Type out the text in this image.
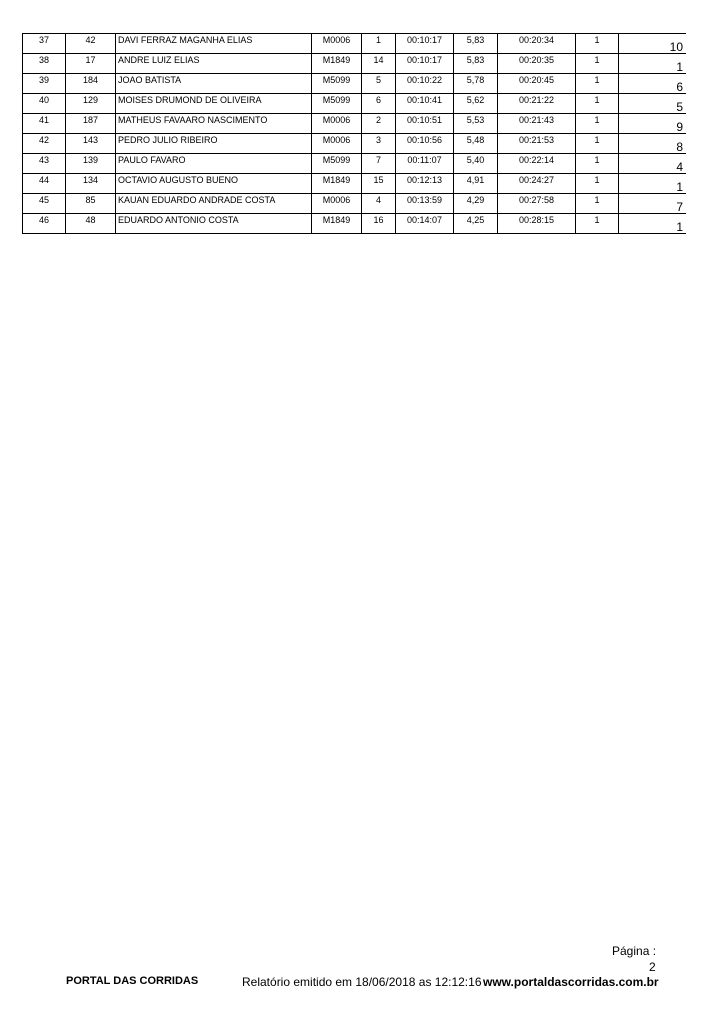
37	42	DAVI FERRAZ MAGANHA ELIAS	M0006	1	00:10:17	5,83	00:20:34	1	10

38	17	ANDRE LUIZ ELIAS	M1849	14	00:10:17	5,83	00:20:35	1	1

39	184	JOAO BATISTA	M5099	5	00:10:22	5,78	00:20:45	1	6

40	129	MOISES DRUMOND DE OLIVEIRA	M5099	6	00:10:41	5,62	00:21:22	1	5

41	187	MATHEUS FAVAARO NASCIMENTO	M0006	2	00:10:51	5,53	00:21:43	1	9

42	143	PEDRO JULIO RIBEIRO	M0006	3	00:10:56	5,48	00:21:53	1	8

43	139	PAULO FAVARO	M5099	7	00:11:07	5,40	00:22:14	1	4

44	134	OCTAVIO AUGUSTO BUENO	M1849	15	00:12:13	4,91	00:24:27	1	1

45	85	KAUAN EDUARDO ANDRADE COSTA	M0006	4	00:13:59	4,29	00:27:58	1	7

46	48	EDUARDO ANTONIO COSTA	M1849	16	00:14:07	4,25	00:28:15	1	1
Página :
2
PORTAL DAS CORRIDAS	Relatório emitido em 18/06/2018 as 12:12:16 www.portaldascorridas.com.br
